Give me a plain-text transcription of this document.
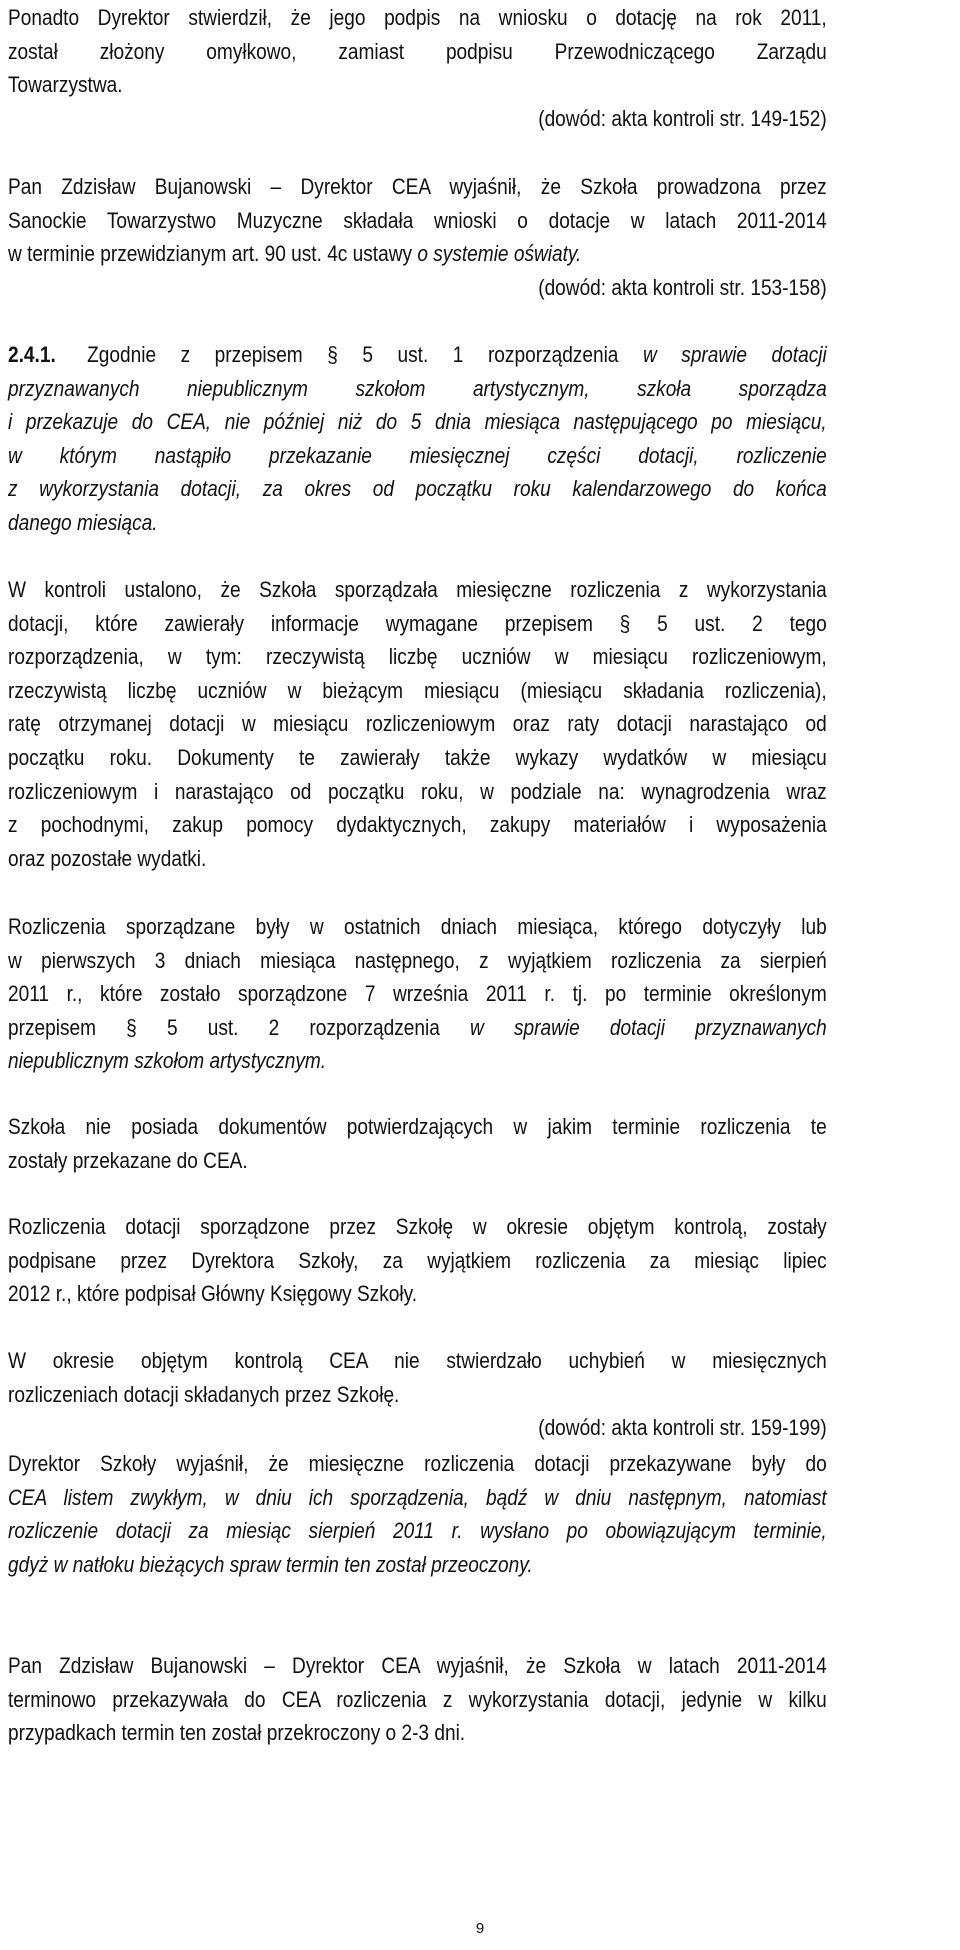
Ponadto Dyrektor stwierdził, że jego podpis na wniosku o dotację na rok 2011,
został złożony omyłkowo, zamiast podpisu Przewodniczącego Zarządu
Towarzystwa.
(dowód: akta kontroli str. 149-152)
Pan Zdzisław Bujanowski – Dyrektor CEA wyjaśnił, że Szkoła prowadzona przez
Sanockie Towarzystwo Muzyczne składała wnioski o dotacje w latach 2011-2014
w terminie przewidzianym art. 90 ust. 4c ustawy o systemie oświaty.
(dowód: akta kontroli str. 153-158)
2.4.1. Zgodnie z przepisem § 5 ust. 1 rozporządzenia w sprawie dotacji
przyznawanych niepublicznym szkołom artystycznym, szkoła sporządza
i przekazuje do CEA, nie później niż do 5 dnia miesiąca następującego po miesiącu,
w którym nastąpiło przekazanie miesięcznej części dotacji, rozliczenie
z wykorzystania dotacji, za okres od początku roku kalendarzowego do końca
danego miesiąca.
W kontroli ustalono, że Szkoła sporządzała miesięczne rozliczenia z wykorzystania
dotacji, które zawierały informacje wymagane przepisem § 5 ust. 2 tego
rozporządzenia, w tym: rzeczywistą liczbę uczniów w miesiącu rozliczeniowym,
rzeczywistą liczbę uczniów w bieżącym miesiącu (miesiącu składania rozliczenia),
ratę otrzymanej dotacji w miesiącu rozliczeniowym oraz raty dotacji narastająco od
początku roku. Dokumenty te zawierały także wykazy wydatków w miesiącu
rozliczeniowym i narastająco od początku roku, w podziale na: wynagrodzenia wraz
z pochodnymi, zakup pomocy dydaktycznych, zakupy materiałów i wyposażenia
oraz pozostałe wydatki.
Rozliczenia sporządzane były w ostatnich dniach miesiąca, którego dotyczyły lub
w pierwszych 3 dniach miesiąca następnego, z wyjątkiem rozliczenia za sierpień
2011 r., które zostało sporządzone 7 września 2011 r. tj. po terminie określonym
przepisem § 5 ust. 2 rozporządzenia w sprawie dotacji przyznawanych
niepublicznym szkołom artystycznym.
Szkoła nie posiada dokumentów potwierdzających w jakim terminie rozliczenia te
zostały przekazane do CEA.
Rozliczenia dotacji sporządzone przez Szkołę w okresie objętym kontrolą, zostały
podpisane przez Dyrektora Szkoły, za wyjątkiem rozliczenia za miesiąc lipiec
2012 r., które podpisał Główny Księgowy Szkoły.
W okresie objętym kontrolą CEA nie stwierdzało uchybień w miesięcznych
rozliczeniach dotacji składanych przez Szkołę.
(dowód: akta kontroli str. 159-199)
Dyrektor Szkoły wyjaśnił, że miesięczne rozliczenia dotacji przekazywane były do
CEA listem zwykłym, w dniu ich sporządzenia, bądź w dniu następnym, natomiast
rozliczenie dotacji za miesiąc sierpień 2011 r. wysłano po obowiązującym terminie,
gdyż w natłoku bieżących spraw termin ten został przeoczony.
Pan Zdzisław Bujanowski – Dyrektor CEA wyjaśnił, że Szkoła w latach 2011-2014
terminowo przekazywała do CEA rozliczenia z wykorzystania dotacji, jedynie w kilku
przypadkach termin ten został przekroczony o 2-3 dni.
9
